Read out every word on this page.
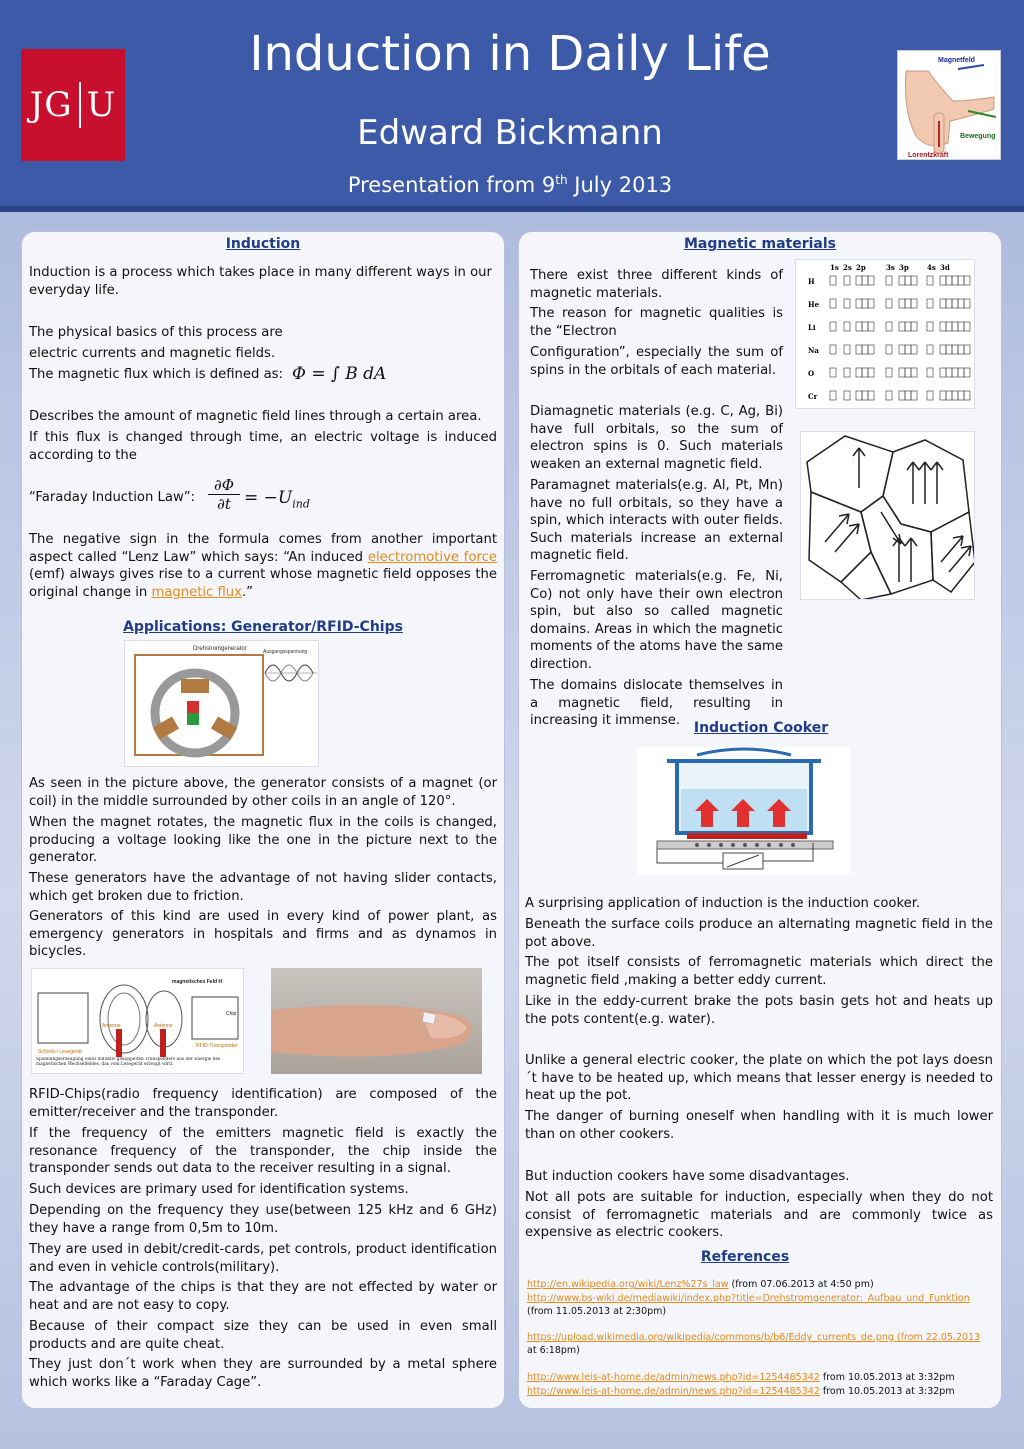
JG U
Induction in Daily Life
Edward Bickmann
Presentation from 9th July 2013
Magnetfeld
Bewegung
Lorentzkraft
Induction
Induction is a process which takes place in many different ways in our everyday life.
The physical basics of this process are
electric currents and magnetic fields.
The magnetic flux which is defined as: Φ = ∫ B dA
Describes the amount of magnetic field lines through a certain area.
If this flux is changed through time, an electric voltage is induced according to the
“Faraday Induction Law”: $\frac{\partial\Phi}{\partial t} = -U_{ind}$
The negative sign in the formula comes from another important aspect called “Lenz Law” which says: “An induced electromotive force (emf) always gives rise to a current whose magnetic field opposes the original change in magnetic flux.”
Applications: Generator/RFID-Chips
Drehstromgenerator	Ausgangsspannung
As seen in the picture above, the generator consists of a magnet (or coil) in the middle surrounded by other coils in an angle of 120°.
When the magnet rotates, the magnetic flux in the coils is changed, producing a voltage looking like the one in the picture next to the generator.
These generators have the advantage of not having slider contacts, which get broken due to friction.
Generators of this kind are used in every kind of power plant, as emergency generators in hospitals and firms and as dynamos in bicycles.
magnetisches Feld H
Chip
Antenne	Antenne
RFID-Transponder
Schreib-/ Lesegerät
Spannungserzeugung eines induktiv gekoppelten Transponders aus der Energie des magnetischen Wechselfeldes, das vom Lesegerät erzeugt wird.
RFID-Chips(radio frequency identification) are composed of the emitter/receiver and the transponder.
If the frequency of the emitters magnetic field is exactly the resonance frequency of the transponder, the chip inside the transponder sends out data to the receiver resulting in a signal.
Such devices are primary used for identification systems.
Depending on the frequency they use(between 125 kHz and 6 GHz) they have a range from 0,5m to 10m.
They are used in debit/credit-cards, pet controls, product identification and even in vehicle controls(military).
The advantage of the chips is that they are not effected by water or heat and are not easy to copy.
Because of their compact size they can be used in even small products and are quite cheat.
They just don´t work when they are surrounded by a metal sphere which works like a “Faraday Cage”.
Magnetic materials
There exist three different kinds of magnetic materials.
The reason for magnetic qualities is the “Electron
Configuration”, especially the sum of spins in the orbitals of each material.
1s 2s 2p	3s 3p	4s 3d
H
He
Li
Na
O
Cr
Diamagnetic materials (e.g. C, Ag, Bi) have full orbitals, so the sum of electron spins is 0. Such materials weaken an external magnetic field.
Paramagnet materials(e.g. Al, Pt, Mn) have no full orbitals, so they have a spin, which interacts with outer fields. Such materials increase an external magnetic field.
Ferromagnetic materials(e.g. Fe, Ni, Co) not only have their own electron spin, but also so called magnetic domains. Areas in which the magnetic moments of the atoms have the same direction.
The domains dislocate themselves in a magnetic field, resulting in increasing it immense. Induction Cooker
A surprising application of induction is the induction cooker.
Beneath the surface coils produce an alternating magnetic field in the pot above.
The pot itself consists of ferromagnetic materials which direct the magnetic field ,making a better eddy current.
Like in the eddy-current brake the pots basin gets hot and heats up the pots content(e.g. water).
Unlike a general electric cooker, the plate on which the pot lays doesn´t have to be heated up, which means that lesser energy is needed to heat up the pot.
The danger of burning oneself when handling with it is much lower than on other cookers.
But induction cookers have some disadvantages.
Not all pots are suitable for induction, especially when they do not consist of ferromagnetic materials and are commonly twice as expensive as electric cookers.
References
http://en.wikipedia.org/wiki/Lenz%27s_law (from 07.06.2013 at 4:50 pm)
http://www.bs-wiki.de/mediawiki/index.php?title=Drehstromgenerator:_Aufbau_und_Funktion (from 11.05.2013 at 2:30pm)
https://upload.wikimedia.org/wikipedia/commons/b/b6/Eddy_currents_de.png (from 22.05.2013 at 6:18pm)
http://www.leis-at-home.de/admin/news.php?id=1254485342 from 10.05.2013 at 3:32pm
http://www.leis-at-home.de/admin/news.php?id=1254485342 from 10.05.2013 at 3:32pm
